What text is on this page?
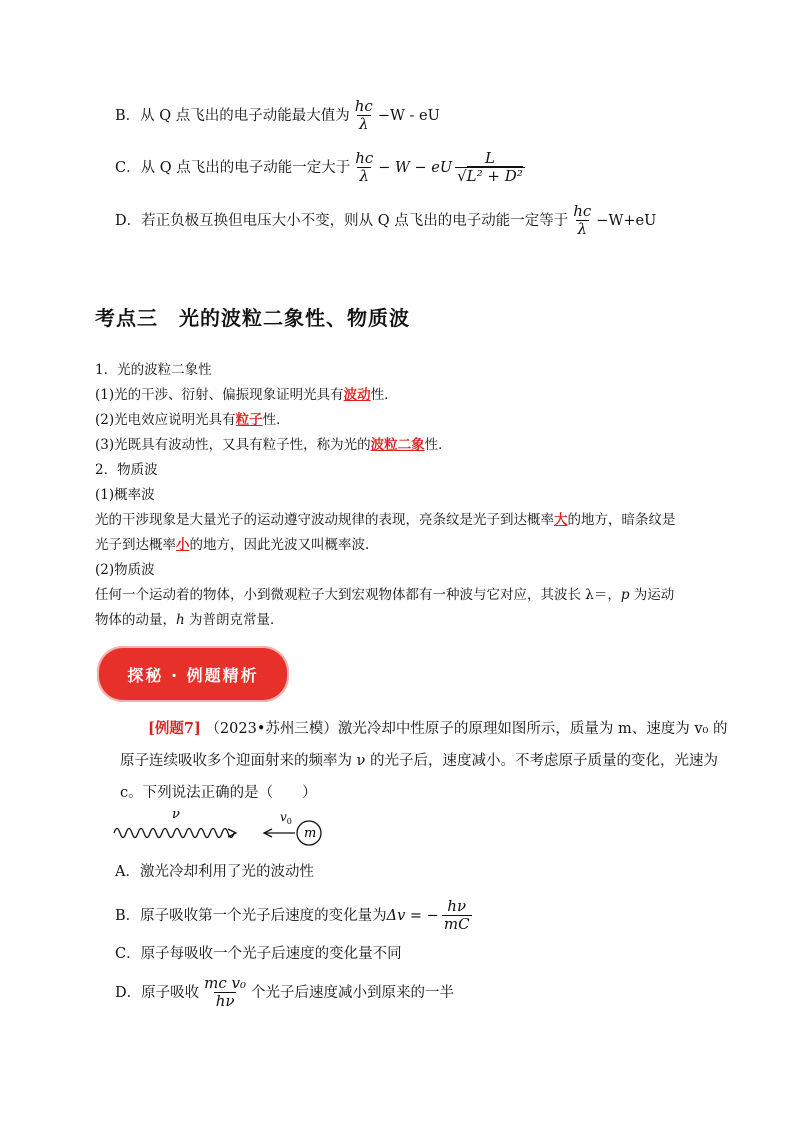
B．从 Q 点飞出的电子动能最大值为 $\frac{hc}{\lambda} -W$ - eU
C．从 Q 点飞出的电子动能一定大于 $\frac{hc}{\lambda} - W$ − eU $\frac{L}{\text{√L² + D²}}$
D．若正负极互换但电压大小不变，则从 Q 点飞出的电子动能一定等于 $\frac{hc}{\lambda} -W+eU$
考点三　光的波粒二象性、物质波
1．光的波粒二象性
(1)光的干涉、衍射、偏振现象证明光具有波动性．
(2)光电效应说明光具有粒子性．
(3)光既具有波动性，又具有粒子性，称为光的波粒二象性．
2．物质波
(1)概率波
光的干涉现象是大量光子的运动遵守波动规律的表现，亮条纹是光子到达概率大的地方，暗条纹是
光子到达概率小的地方，因此光波又叫概率波．
(2)物质波
任何一个运动着的物体，小到微观粒子大到宏观物体都有一种波与它对应，其波长 λ＝，p 为运动
物体的动量，h 为普朗克常量．
探秘 · 例题精析
[例题7] （2023•苏州三模）激光冷却中性原子的原理如图所示，质量为 m、速度为 v₀ 的
原子连续吸收多个迎面射来的频率为 ν 的光子后，速度减小。不考虑原子质量的变化，光速为
c。下列说法正确的是（　　）
ν	$v_0$
m
A．激光冷却利用了光的波动性
B．原子吸收第一个光子后速度的变化量为 Δv = − $\frac{h\nu}{mC}$
C．原子每吸收一个光子后速度的变化量不同
D．原子吸收 $\frac{\text{mc v₀}}{h\nu}$ 个光子后速度减小到原来的一半
